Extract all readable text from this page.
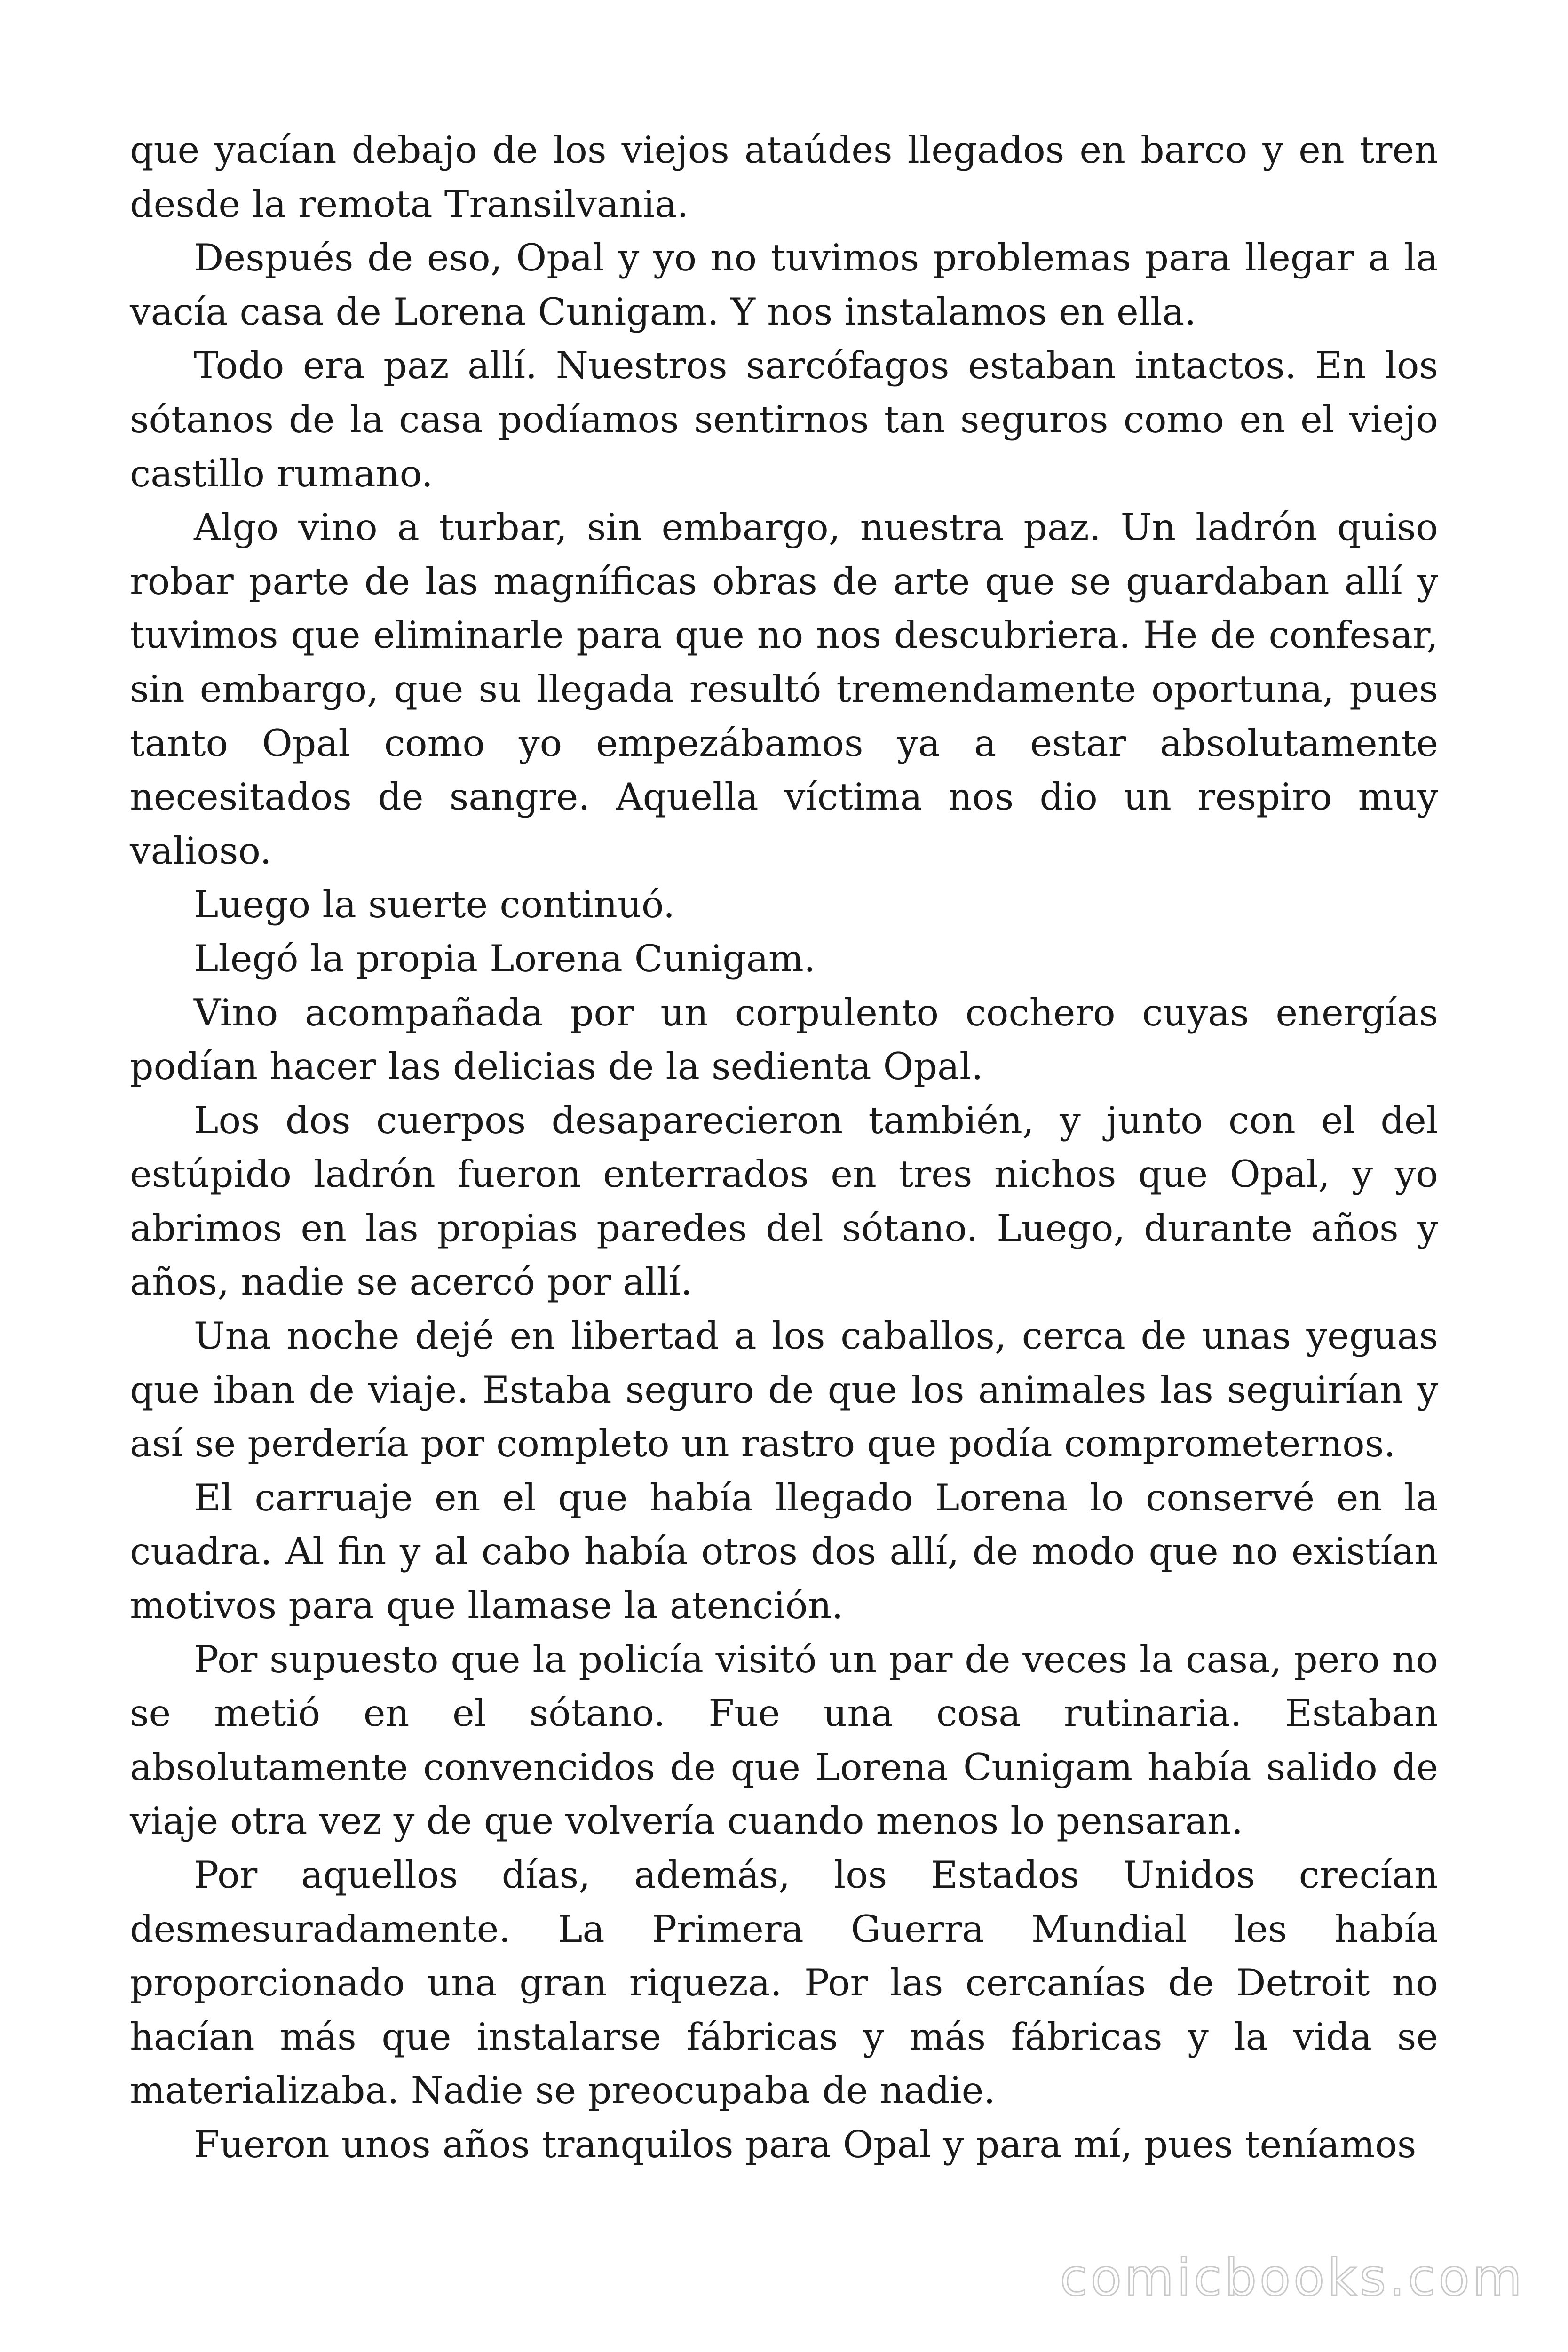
que yacían debajo de los viejos ataúdes llegados en barco y en tren desde la remota Transilvania.

Después de eso, Opal y yo no tuvimos problemas para llegar a la vacía casa de Lorena Cunigam. Y nos instalamos en ella.

Todo era paz allí. Nuestros sarcófagos estaban intactos. En los sótanos de la casa podíamos sentirnos tan seguros como en el viejo castillo rumano.

Algo vino a turbar, sin embargo, nuestra paz. Un ladrón quiso robar parte de las magníficas obras de arte que se guardaban allí y tuvimos que eliminarle para que no nos descubriera. He de confesar, sin embargo, que su llegada resultó tremendamente oportuna, pues tanto Opal como yo empezábamos ya a estar absolutamente necesitados de sangre. Aquella víctima nos dio un respiro muy valioso.

Luego la suerte continuó.

Llegó la propia Lorena Cunigam.

Vino acompañada por un corpulento cochero cuyas energías podían hacer las delicias de la sedienta Opal.

Los dos cuerpos desaparecieron también, y junto con el del estúpido ladrón fueron enterrados en tres nichos que Opal, y yo abrimos en las propias paredes del sótano. Luego, durante años y años, nadie se acercó por allí.

Una noche dejé en libertad a los caballos, cerca de unas yeguas que iban de viaje. Estaba seguro de que los animales las seguirían y así se perdería por completo un rastro que podía comprometernos.

El carruaje en el que había llegado Lorena lo conservé en la cuadra. Al fin y al cabo había otros dos allí, de modo que no existían motivos para que llamase la atención.

Por supuesto que la policía visitó un par de veces la casa, pero no se metió en el sótano. Fue una cosa rutinaria. Estaban absolutamente convencidos de que Lorena Cunigam había salido de viaje otra vez y de que volvería cuando menos lo pensaran.

Por aquellos días, además, los Estados Unidos crecían desmesuradamente. La Primera Guerra Mundial les había proporcionado una gran riqueza. Por las cercanías de Detroit no hacían más que instalarse fábricas y más fábricas y la vida se materializaba. Nadie se preocupaba de nadie.

Fueron unos años tranquilos para Opal y para mí, pues teníamos

comicbooks.com
